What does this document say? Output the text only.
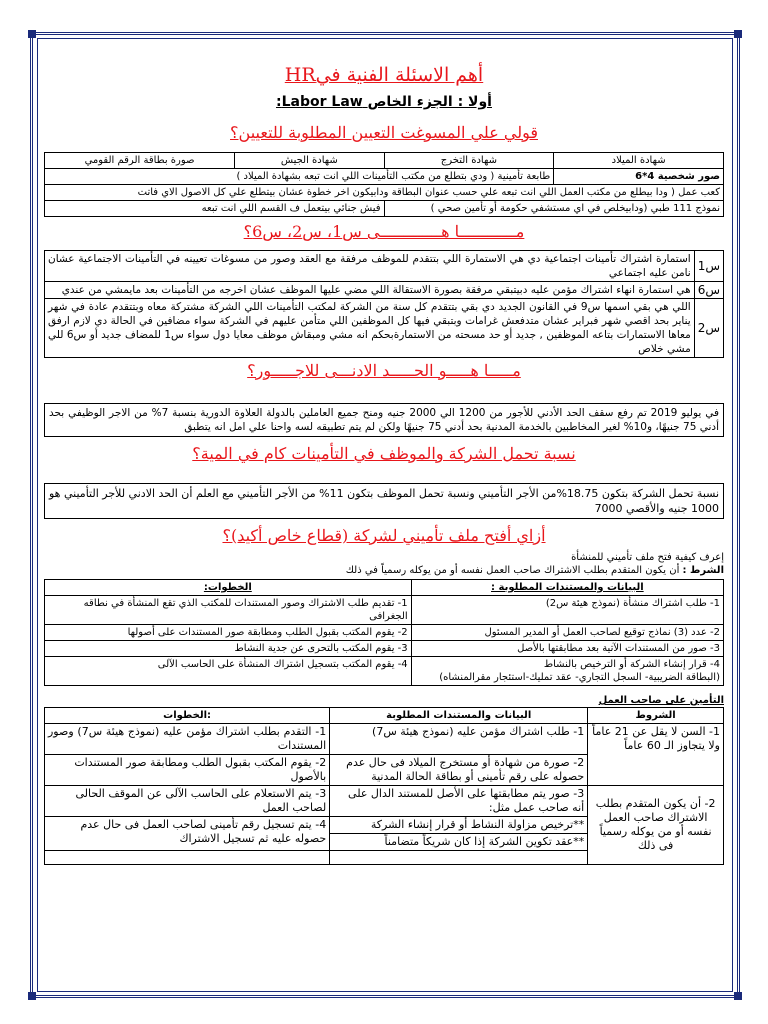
أهم الاسئلة الفنية فيHR
أولا : الجزء الخاص Labor Law:
قولي علي المسوغت التعيين المطلوبة للتعيين؟
شهادة الميلاد	شهادة التخرج	شهادة الجيش	صورة بطاقة الرقم القومي
صور شخصية 4*6	طابعة تأمينية ( ودي بتطلع من مكتب التأمينات اللي انت تبعه بشهادة الميلاد )		
كعب عمل ( ودا بيطلع من مكتب العمل اللي انت تبعه علي حسب عنوان البطاقة ودابيكون اخر خطوة عشان بيتطلع علي كل الاصول الاي فاتت			
نموذج 111 طبي (ودابيخلص في اي مستشفي حكومة أو تأمين صحي )		فيش جنائي بيتعمل ف القسم اللي انت تبعه	
مــــــــــــا هـــــــــــــى س1، س2، س6؟
س1	استمارة اشتراك تأمينات اجتماعية دي هي الاستمارة اللي بتتقدم للموظف مرفقة مع العقد وصور من مسوغات تعيينه في التأمينات الاجتماعية عشان نامن عليه اجتماعي
س6	هي استمارة انهاء اشتراك مؤمن عليه دبيتبقي مرفقة بصورة الاستقالة اللي مضي عليها الموظف عشان اخرجه من التأمينات بعد مايمشي من عندي
س2	اللي هي بقي اسمها س9 في القانون الجديد دي بقي بتتقدم كل سنة من الشركة لمكتب التأمينات اللي الشركة مشتركة معاه وبتتقدم عادة في شهر يناير بحد اقصي شهر فبراير عشان متدفعش غرامات وبتبقي فيها كل الموظفين اللي متأمن عليهم في الشركة سواء مضافين في الحالة دي لازم ارفق معاها الاستمارات بتاعه الموظفين , جديد أو حد مسحته من الاستمارةبحكم انه مشي ومبقاش موظف معايا دول سواء س1 للمضاف جديد أو س6 للي مشي خلاص
مـــــا هـــــو الحـــــد الادنـــى للاجـــــور؟
في يوليو 2019 تم رفع سقف الحد الأدني للأجور من 1200 الي 2000 جنيه ومنح جميع العاملين بالدولة العلاوة الدورية بنسبة 7% من الاجر الوظيفي بحد أدني 75 جنيهًا، و10% لغير المخاطبين بالخدمة المدنية بحد أدني 75 جنيهًا ولكن لم يتم تطبيقه لسه واحنا علي امل انه يتطبق
نسبة تحمل الشركة والموظف في التأمينات كام في المية؟
نسبة تحمل الشركة بتكون 18.75%من الأجر التأميني ونسبة تحمل الموظف بتكون 11% من الأجر التأميني مع العلم أن الحد الادني للأجر التأميني هو 1000 جنيه والأقصي 7000
أزاي أفتح ملف تأميني لشركة (قطاع خاص أكيد)؟
إعرف كيفية فتح ملف تأميني للمنشأة
الشرط : أن يكون المتقدم بطلب الاشتراك صاحب العمل نفسه أو من يوكله رسمياً في ذلك
البيانات والمستندات المطلوبة :	الخطوات:
1- طلب اشتراك منشأة (نموذج هيئة س2)	1- تقديم طلب الاشتراك وصور المستندات للمكتب الذي تقع المنشأة في نطاقه الجغرافى
2- عدد (3) نماذج توقيع لصاحب العمل أو المدير المسئول	2- يقوم المكتب بقبول الطلب ومطابقة صور المستندات على أصولها
3- صور من المستندات الآتية بعد مطابقتها بالأصل	3- يقوم المكتب بالتحرى عن جدية النشاط

4- قرار إنشاء الشركة أو الترخيص بالنشاط
(البطاقة الضريبية- السجل التجاري- عقد تمليك-استئجار مقرالمنشاه)	4- يقوم المكتب بتسجيل اشتراك المنشأة على الحاسب الآلى
التأمين على صاحب العمل
الشروط	البيانات والمستندات المطلوبة	:الخطوات
1- السن لا يقل عن 21 عاماً ولا يتجاوز الـ 60 عاماً	1- طلب اشتراك مؤمن عليه (نموذج هيئة س7)	1- التقدم بطلب اشتراك مؤمن عليه (نموذج هيئة س7) وصور المستندات
	2- صورة من شهادة أو مستخرج الميلاد فى حال عدم حصوله على رقم تأمينى أو بطاقة الحالة المدنية	2- يقوم المكتب بقبول الطلب ومطابقة صور المستندات بالأصول
2- أن يكون المتقدم بطلب الاشتراك صاحب العمل نفسه أو من يوكله رسمياً فى ذلك	3- صور يتم مطابقتها على الأصل للمستند الدال على أنه صاحب عمل مثل:	3- يتم الاستعلام على الحاسب الآلى عن الموقف الحالى لصاحب العمل
	**ترخيص مزاولة النشاط أو قرار إنشاء الشركة	4- يتم تسجيل رقم تأمينى لصاحب العمل فى حال عدم حصوله عليه ثم تسجيل الاشتراك
	**عقد تكوين الشركة إذا كان شريكاً متضامناً	
